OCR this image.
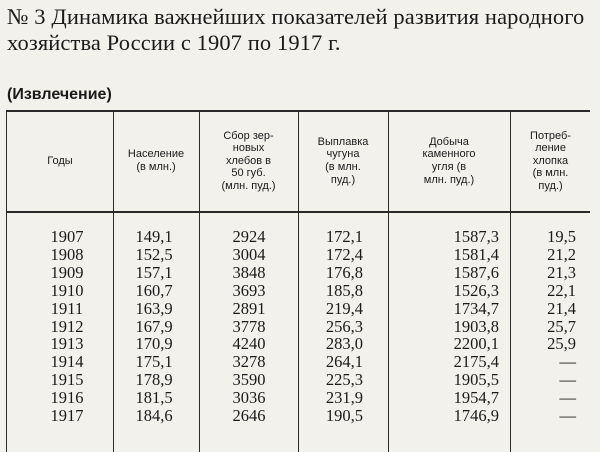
№ 3 Динамика важнейших показателей развития народного хозяйства России с 1907 по 1917 г.
(Извлечение)
Годы
Население
(в млн.)
Сбор зер-
новых
хлебов в
50 губ.
(млн. пуд.)
Выплавка
чугуна
(в млн.
пуд.)
Добыча
каменного
угля (в
млн. пуд.)
Потреб-
ление
хлопка
(в млн.
пуд.)
1907
1908
1909
1910
1911
1912
1913
1914
1915
1916
1917
149,1
152,5
157,1
160,7
163,9
167,9
170,9
175,1
178,9
181,5
184,6
2924
3004
3848
3693
2891
3778
4240
3278
3590
3036
2646
172,1
172,4
176,8
185,8
219,4
256,3
283,0
264,1
225,3
231,9
190,5
1587,3
1581,4
1587,6
1526,3
1734,7
1903,8
2200,1
2175,4
1905,5
1954,7
1746,9
19,5
21,2
21,3
22,1
21,4
25,7
25,9
—
—
—
—
